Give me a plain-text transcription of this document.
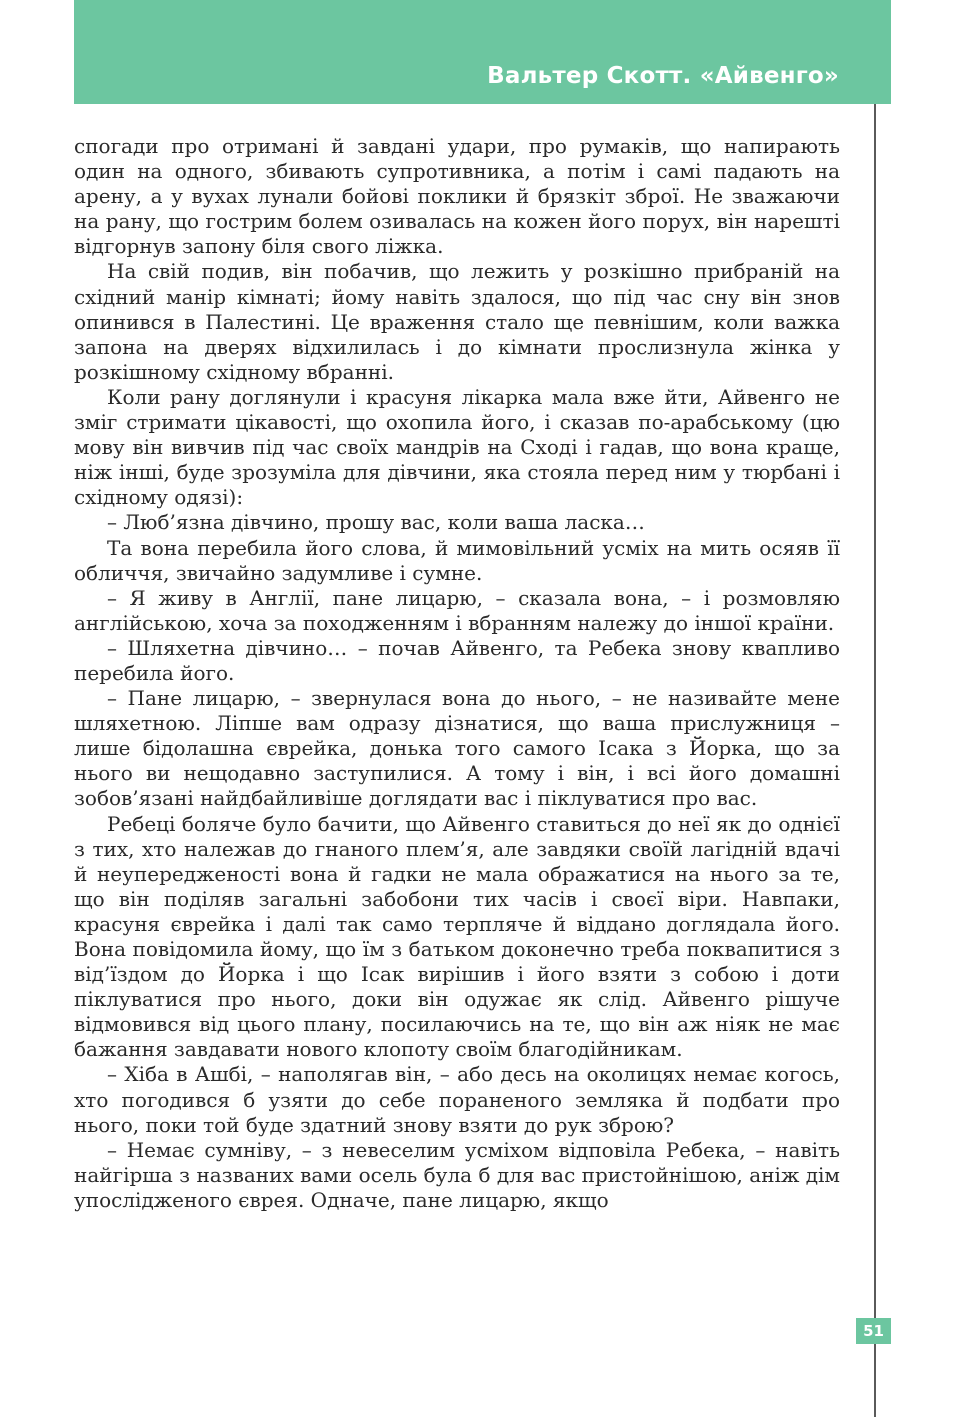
Вальтер Скотт. «Айвенго»
51

спогади про отримані й завдані удари, про румаків, що напирають один на одного, збивають супротивника, а потім і самі падають на арену, а у вухах лунали бойові поклики й брязкіт зброї. Не зважаючи на рану, що гострим болем озивалась на кожен його порух, він нарешті відгорнув запону біля свого ліжка.

На свій подив, він побачив, що лежить у розкішно прибраній на східний манір кімнаті; йому навіть здалося, що під час сну він знов опинився в Палестині. Це враження стало ще певнішим, коли важка запона на дверях відхилилась і до кімнати прослизнула жінка у розкішному східному вбранні.

Коли рану доглянули і красуня лікарка мала вже йти, Айвенго не зміг стримати цікавості, що охопила його, і сказав по-арабському (цю мову він вивчив під час своїх мандрів на Сході і гадав, що вона краще, ніж інші, буде зрозуміла для дівчини, яка стояла перед ним у тюрбані і східному одязі):

– Люб’язна дівчино, прошу вас, коли ваша ласка…

Та вона перебила його слова, й мимовільний усміх на мить осяяв її обличчя, звичайно задумливе і сумне.

– Я живу в Англії, пане лицарю, – сказала вона, – і розмовляю англійською, хоча за походженням і вбранням належу до іншої країни.

– Шляхетна дівчино… – почав Айвенго, та Ребека знову квапливо перебила його.

– Пане лицарю, – звернулася вона до нього, – не називайте мене шляхетною. Ліпше вам одразу дізнатися, що ваша прислужниця – лише бідолашна єврейка, донька того самого Ісака з Йорка, що за нього ви нещодавно заступилися. А тому і він, і всі його домашні зобов’язані найдбайливіше доглядати вас і піклуватися про вас.

Ребеці боляче було бачити, що Айвенго ставиться до неї як до однієї з тих, хто належав до гнаного плем’я, але завдяки своїй лагідній вдачі й неупередженості вона й гадки не мала ображатися на нього за те, що він поділяв загальні забобони тих часів і своєї віри. Навпаки, красуня єврейка і далі так само терпляче й віддано доглядала його. Вона повідомила йому, що їм з батьком доконечно треба поквапитися з від’їздом до Йорка і що Ісак вирішив і його взяти з собою і доти піклуватися про нього, доки він одужає як слід. Айвенго рішуче відмовився від цього плану, посилаючись на те, що він аж ніяк не має бажання завдавати нового клопоту своїм благодійникам.

– Хіба в Ашбі, – наполягав він, – або десь на околицях немає когось, хто погодився б узяти до себе пораненого земляка й подбати про нього, поки той буде здатний знову взяти до рук зброю?

– Немає сумніву, – з невеселим усміхом відповіла Ребека, – навіть найгірша з названих вами осель була б для вас пристойнішою, аніж дім упослідженого єврея. Одначе, пане лицарю, якщо
